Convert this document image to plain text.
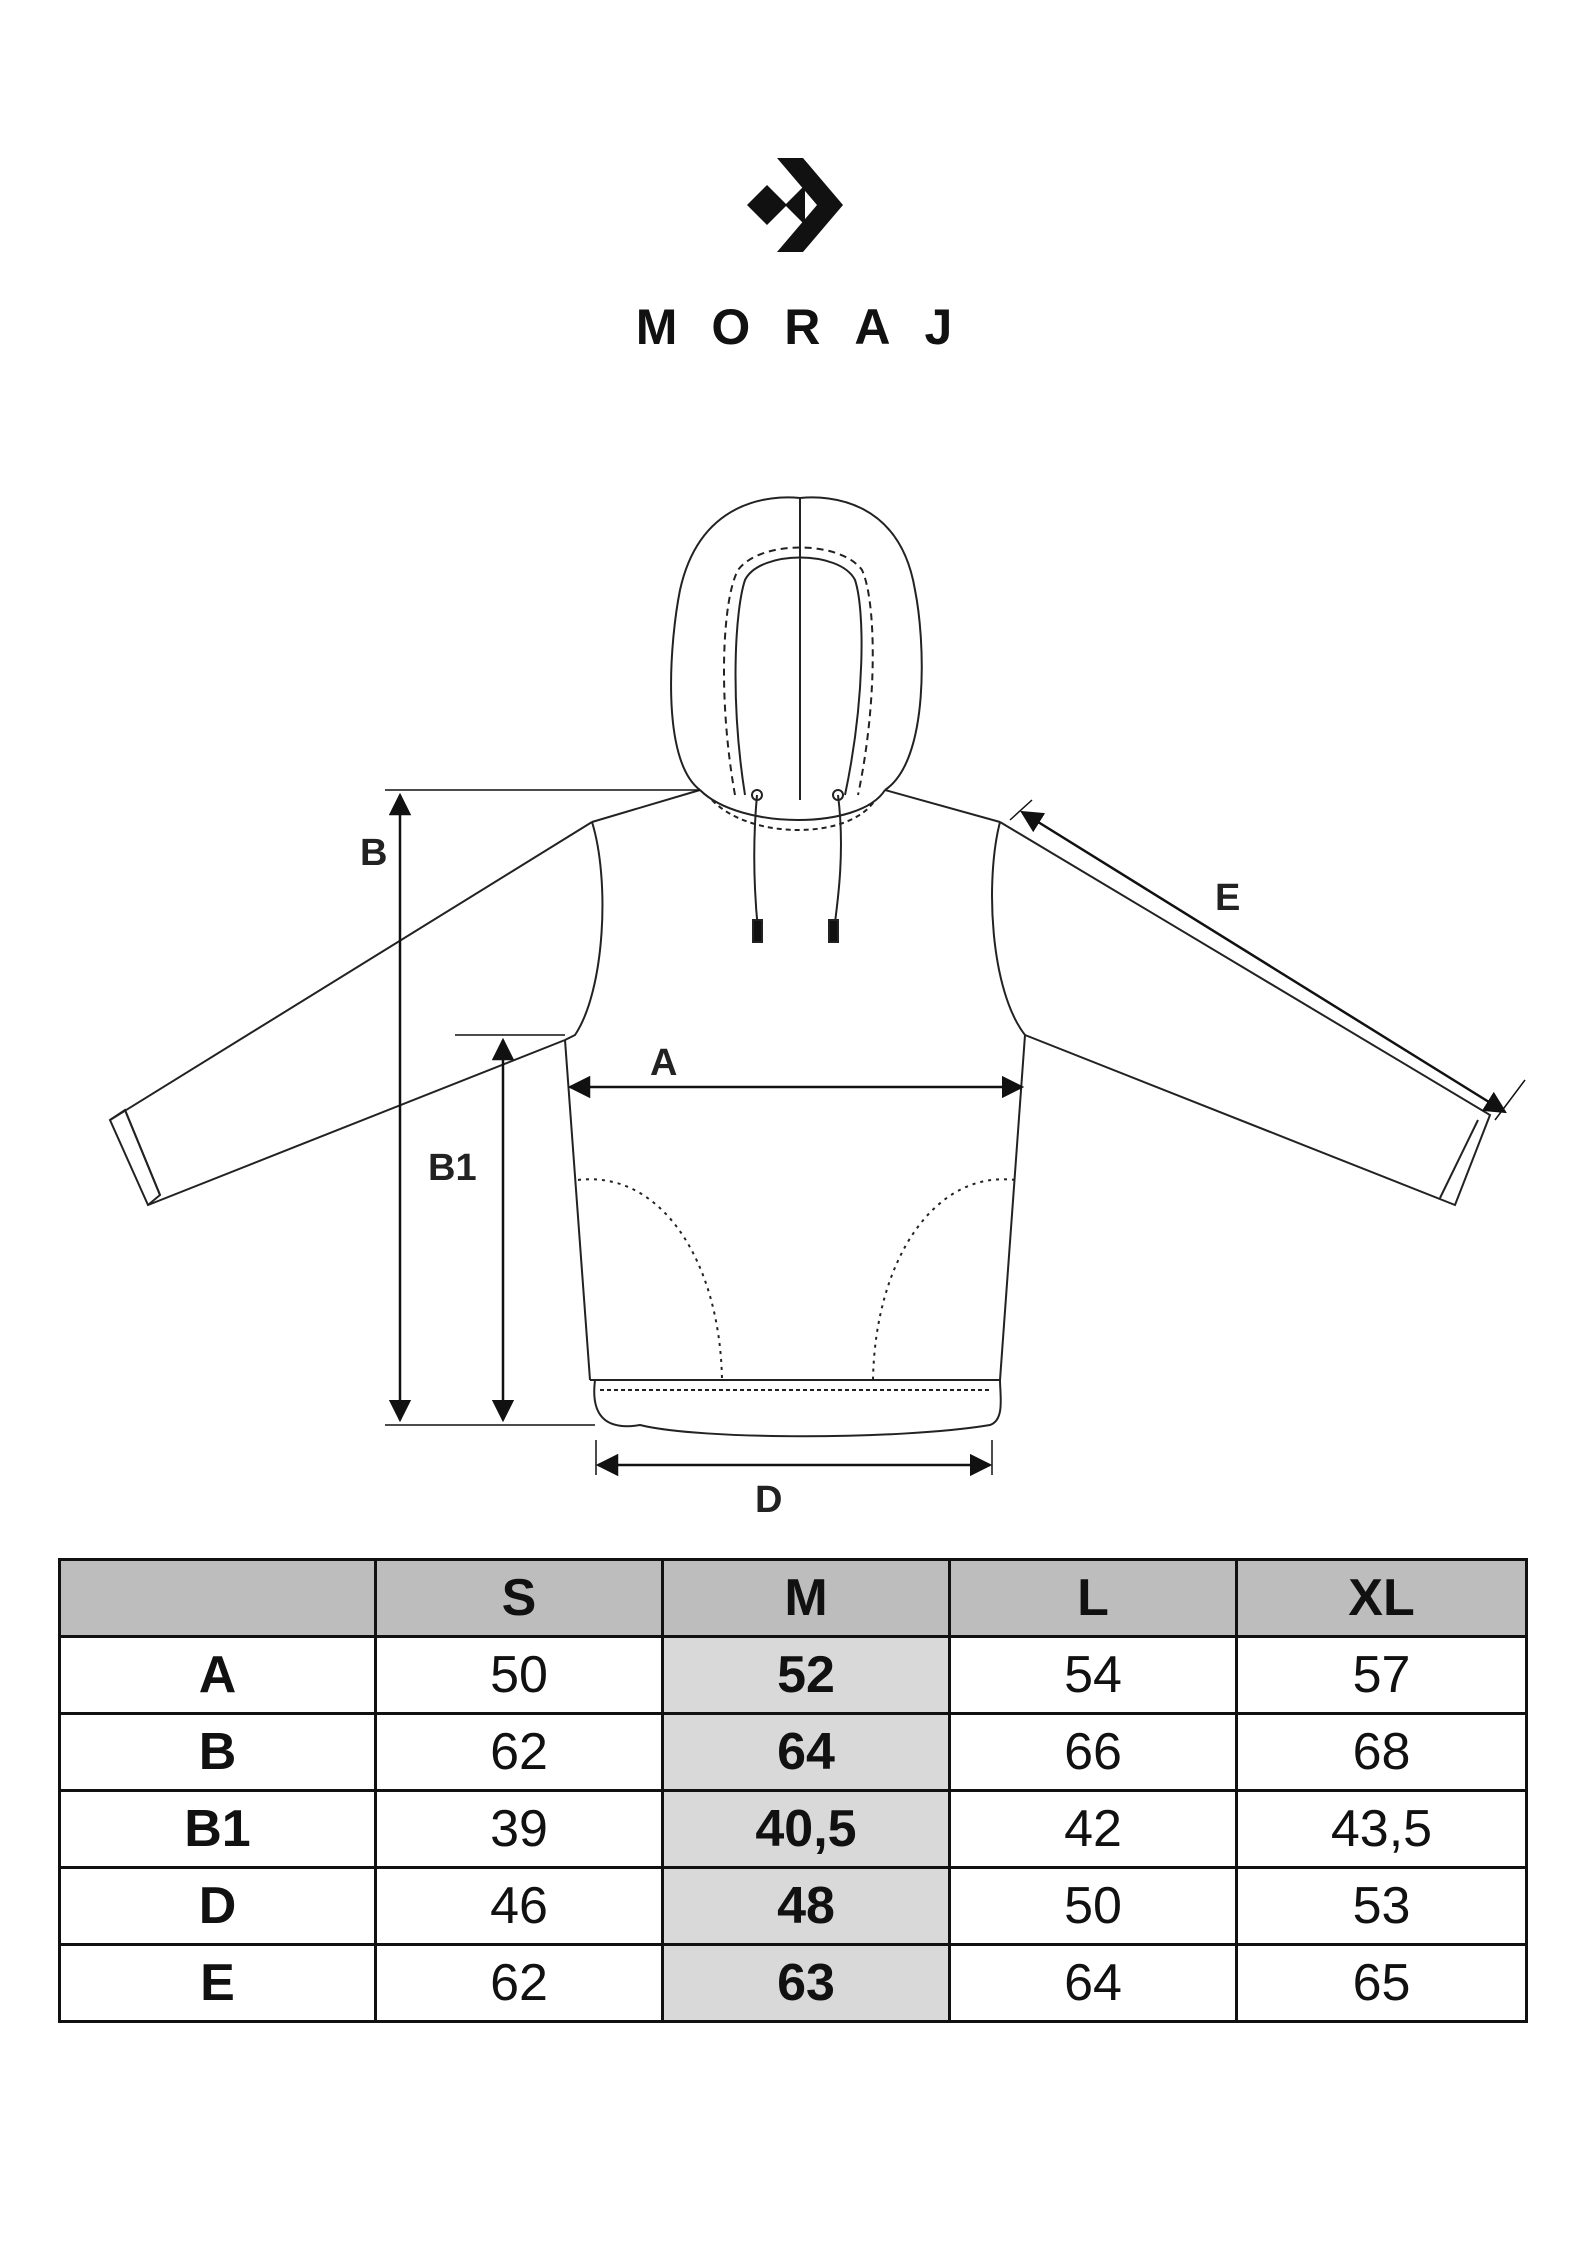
MORAJ
B
B1
A
D
E
	S	M	L	XL
A	50	52	54	57
B	62	64	66	68
B1	39	40,5	42	43,5
D	46	48	50	53
E	62	63	64	65
